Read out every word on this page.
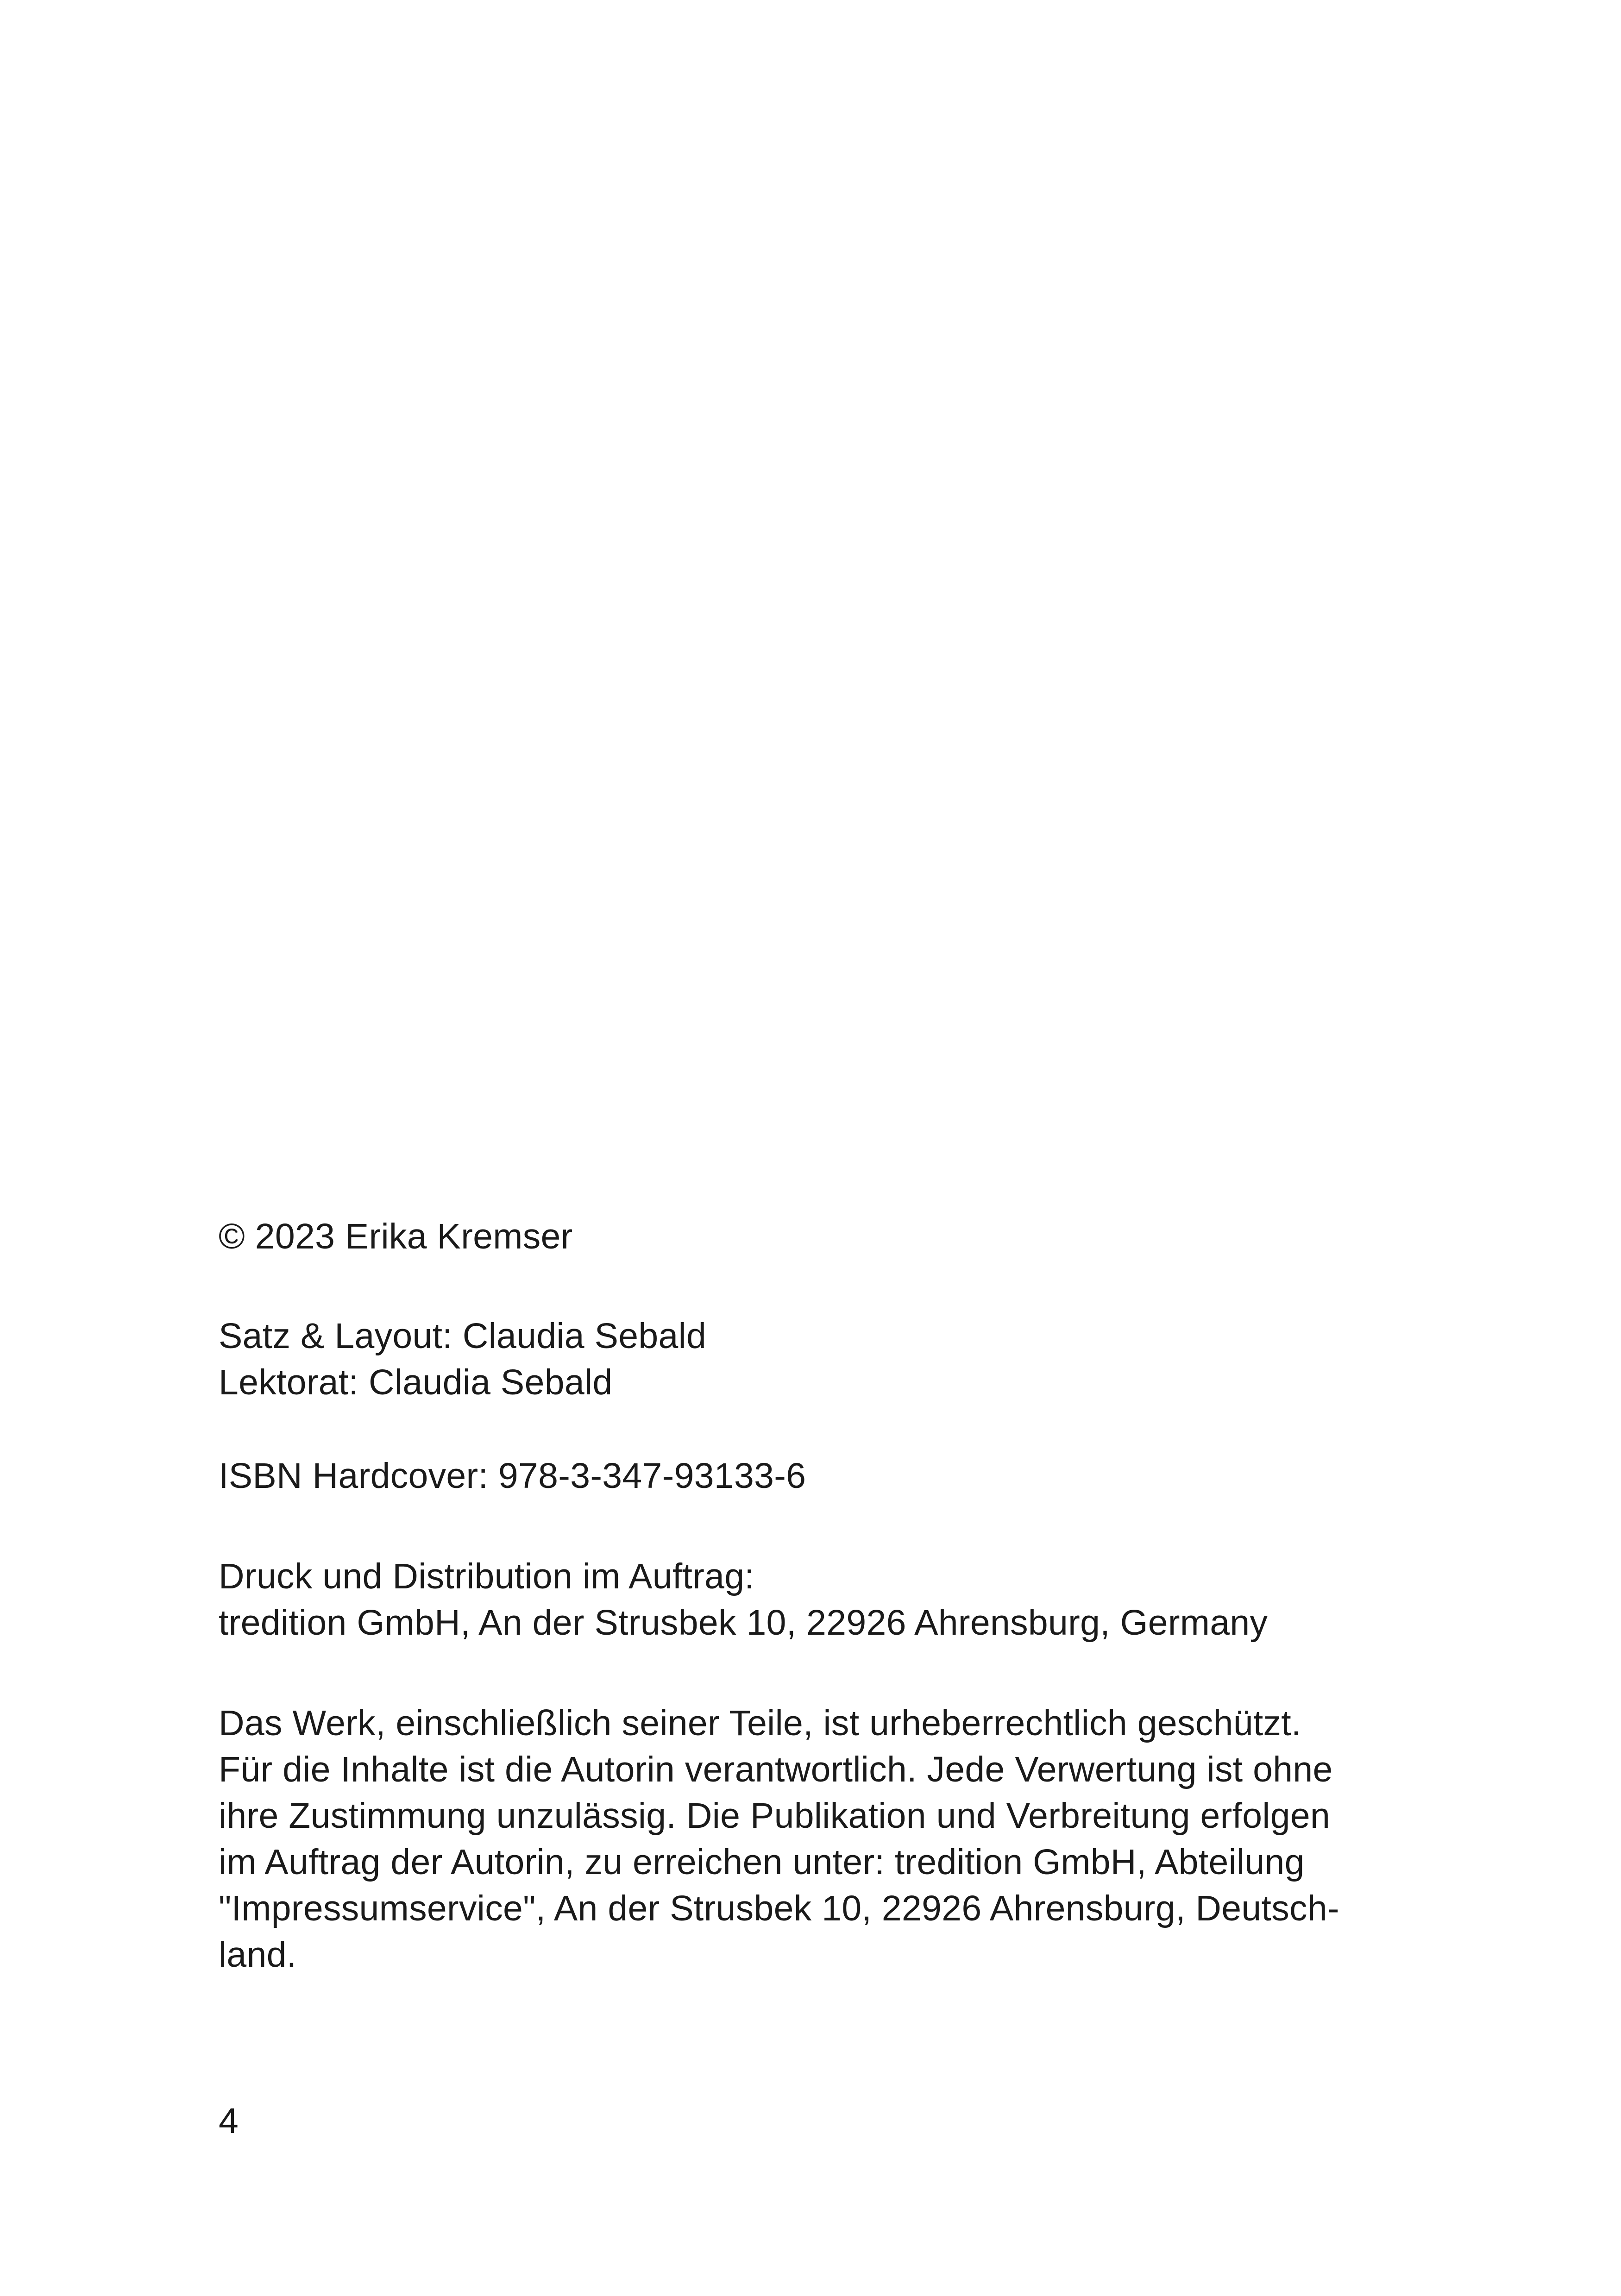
© 2023 Erika Kremser
Satz & Layout: Claudia Sebald
Lektorat: Claudia Sebald
ISBN Hardcover: 978-3-347-93133-6
Druck und Distribution im Auftrag:
tredition GmbH, An der Strusbek 10, 22926 Ahrensburg, Germany
Das Werk, einschließlich seiner Teile, ist urheberrechtlich geschützt.
Für die Inhalte ist die Autorin verantwortlich. Jede Verwertung ist ohne
ihre Zustimmung unzulässig. Die Publikation und Verbreitung erfolgen
im Auftrag der Autorin, zu erreichen unter: tredition GmbH, Abteilung
"Impressumservice", An der Strusbek 10, 22926 Ahrensburg, Deutsch-
land.
4
